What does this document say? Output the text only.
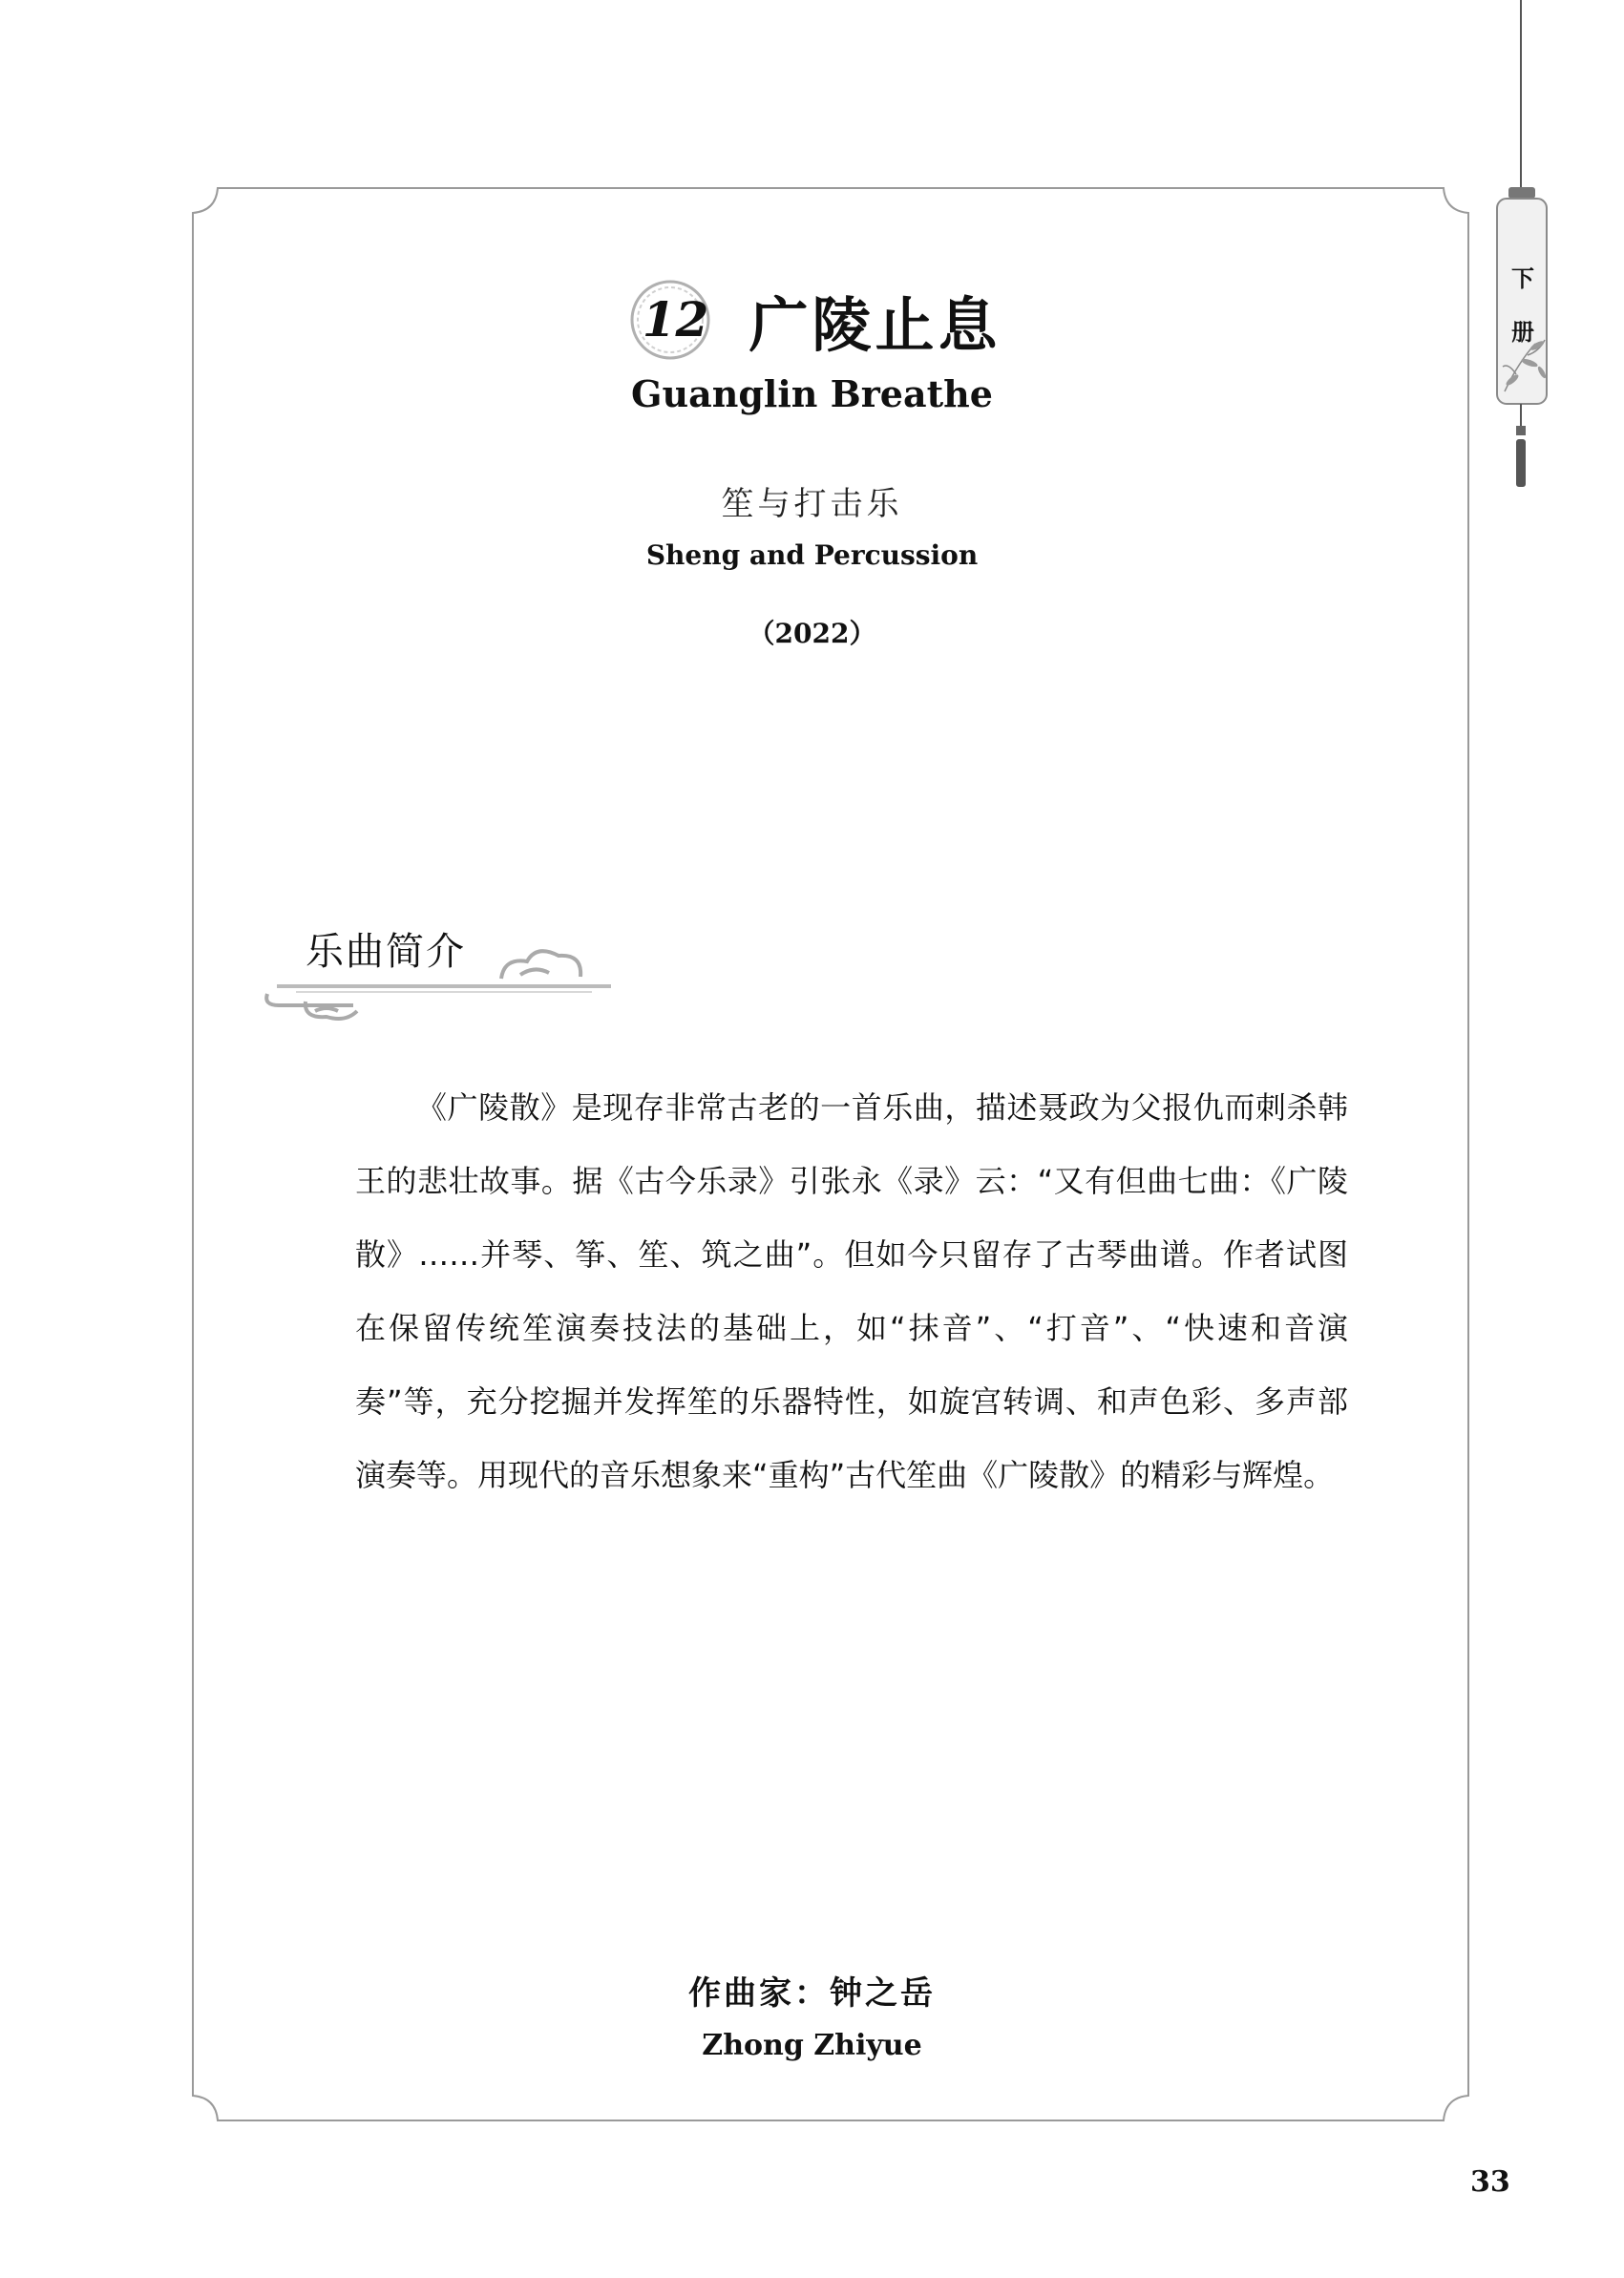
下
册
12 广陵止息
Guanglin Breathe
笙与打击乐
Sheng and Percussion
（2022）
乐曲简介
《广陵散》是现存非常古老的一首乐曲，描述聂政为父报仇而刺杀韩王的悲壮故事。据《古今乐录》引张永《录》云：“又有但曲七曲：《广陵散》……并琴、筝、笙、筑之曲”。但如今只留存了古琴曲谱。作者试图在保留传统笙演奏技法的基础上，如“抹音”、“打音”、“快速和音演奏”等，充分挖掘并发挥笙的乐器特性，如旋宫转调、和声色彩、多声部演奏等。用现代的音乐想象来“重构”古代笙曲《广陵散》的精彩与辉煌。
作曲家：钟之岳
Zhong Zhiyue
33
